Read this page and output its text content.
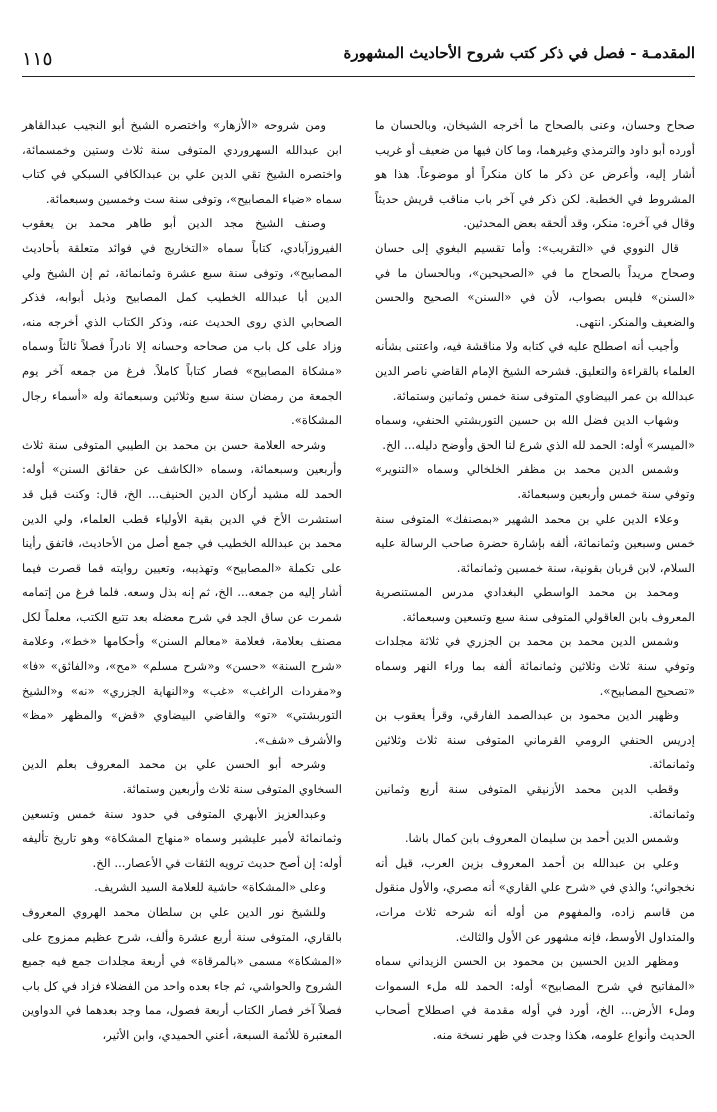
المقدمـة - فصل في ذكر كتب شروح الأحاديث المشهورة
١١٥

صحاح وحسان، وعنى بالصحاح ما أخرجه الشيخان، وبالحسان ما أورده أبو داود والترمذي وغيرهما، وما كان فيها من ضعيف أو غريب أشار إليه، وأعرض عن ذكر ما كان منكراً أو موضوعاً. هذا هو المشروط في الخطبة. لكن ذكر في آخر باب مناقب قريش حديثاً وقال في آخره: منكر، وقد ألحقه بعض المحدثين.

قال النووي في «التقريب»: وأما تقسيم البغوي إلى حسان وصحاح مريداً بالصحاح ما في «الصحيحين»، وبالحسان ما في «السنن» فليس بصواب، لأن في «السنن» الصحيح والحسن والضعيف والمنكر. انتهى.

وأجيب أنه اصطلح عليه في كتابه ولا مناقشة فيه، واعتنى بشأنه العلماء بالقراءة والتعليق. فشرحه الشيخ الإمام القاضي ناصر الدين عبدالله بن عمر البيضاوي المتوفى سنة خمس وثمانين وستمائة.

وشهاب الدين فضل الله بن حسين التوربشتي الحنفي، وسماه «الميسر» أوله: الحمد لله الذي شرع لنا الحق وأوضح دليله... الخ.

وشمس الدين محمد بن مظفر الخلخالي وسماه «التنوير» وتوفي سنة خمس وأربعين وسبعمائة.

وعلاء الدين علي بن محمد الشهير «بمصنفك» المتوفى سنة خمس وسبعين وثمانمائة، ألفه بإشارة حضرة صاحب الرسالة عليه السلام، لابن قربان بقونية، سنة خمسين وثمانمائة.

ومحمد بن محمد الواسطي البغدادي مدرس المستنصرية المعروف بابن العاقولي المتوفى سنة سبع وتسعين وسبعمائة.

وشمس الدين محمد بن محمد بن الجزري في ثلاثة مجلدات وتوفي سنة ثلاث وثلاثين وثمانمائة ألفه بما وراء النهر وسماه «تصحيح المصابيح».

وظهير الدين محمود بن عبدالصمد الفارقي، وقرأ يعقوب بن إدريس الحنفي الرومي القرماني المتوفى سنة ثلاث وثلاثين وثمانمائة.

وقطب الدين محمد الأزنيقي المتوفى سنة أربع وثمانين وثمانمائة.

وشمس الدين أحمد بن سليمان المعروف بابن كمال باشا.

وعلي بن عبدالله بن أحمد المعروف بزين العرب، قيل أنه نخجواني؛ والذي في «شرح علي القاري» أنه مصري، والأول منقول من قاسم زاده، والمفهوم من أوله أنه شرحه ثلاث مرات، والمتداول الأوسط، فإنه مشهور عن الأول والثالث.

ومظهر الدين الحسين بن محمود بن الحسن الزيداني سماه «المفاتيح في شرح المصابيح» أوله: الحمد لله ملء السموات وملء الأرض... الخ، أورد في أوله مقدمة في اصطلاح أصحاب الحديث وأنواع علومه، هكذا وجدت في ظهر نسخة منه.

ومن شروحه «الأزهار» واختصره الشيخ أبو النجيب عبدالقاهر ابن عبدالله السهروردي المتوفى سنة ثلاث وستين وخمسمائة، واختصره الشيخ تقي الدين علي بن عبدالكافي السبكي في كتاب سماه «ضياء المصابيح»، وتوفى سنة ست وخمسين وسبعمائة.

وصنف الشيخ مجد الدين أبو طاهر محمد بن يعقوب الفيروزآبادي، كتاباً سماه «التخاريج في فوائد متعلقة بأحاديث المصابيح»، وتوفى سنة سبع عشرة وثمانمائة، ثم إن الشيخ ولي الدين أبا عبدالله الخطيب كمل المصابيح وذيل أبوابه، فذكر الصحابي الذي روى الحديث عنه، وذكر الكتاب الذي أخرجه منه، وزاد على كل باب من صحاحه وحسانه إلا نادراً فصلاً ثالثاً وسماه «مشكاة المصابيح» فصار كتاباً كاملاً. فرغ من جمعه آخر يوم الجمعة من رمضان سنة سبع وثلاثين وسبعمائة وله «أسماء رجال المشكاة».

وشرحه العلامة حسن بن محمد بن الطيبي المتوفى سنة ثلاث وأربعين وسبعمائة، وسماه «الكاشف عن حقائق السنن» أوله: الحمد لله مشيد أركان الدين الحنيف... الخ، قال: وكنت قبل قد استشرت الأخ في الدين بقية الأولياء قطب العلماء، ولي الدين محمد بن عبدالله الخطيب في جمع أصل من الأحاديث، فاتفق رأينا على تكملة «المصابيح» وتهذيبه، وتعيين روايته فما قصرت فيما أشار إليه من جمعه... الخ، ثم إنه بذل وسعه. فلما فرغ من إتمامه شمرت عن ساق الجد في شرح معضله بعد تتبع الكتب، معلماً لكل مصنف بعلامة، فعلامة «معالم السنن» وأحكامها «خط»، وعلامة «شرح السنة» «حسن» و«شرح مسلم» «مح»، و«الفائق» «فا» و«مفردات الراغب» «غب» و«النهاية الجزري» «نه» و«الشيخ التوربشتي» «تو» والقاضي البيضاوي «قض» والمظهر «مظ» والأشرف «شف».

وشرحه أبو الحسن علي بن محمد المعروف بعلم الدين السخاوي المتوفى سنة ثلاث وأربعين وستمائة.

وعبدالعزيز الأبهري المتوفى في حدود سنة خمس وتسعين وثمانمائة لأمير عليشير وسماه «منهاج المشكاة» وهو تاريخ تأليفه أوله: إن أصح حديث ترويه الثقات في الأعصار... الخ.

وعلى «المشكاة» حاشية للعلامة السيد الشريف.

وللشيخ نور الدين علي بن سلطان محمد الهروي المعروف بالقاري، المتوفى سنة أربع عشرة وألف، شرح عظيم ممزوج على «المشكاة» مسمى «بالمرقاة» في أربعة مجلدات جمع فيه جميع الشروح والحواشي، ثم جاء بعده واحد من الفضلاء فزاد في كل باب فصلاً آخر فصار الكتاب أربعة فصول، مما وجد بعدهما في الدواوين المعتبرة للأئمة السبعة، أعني الحميدي، وابن الأثير،
